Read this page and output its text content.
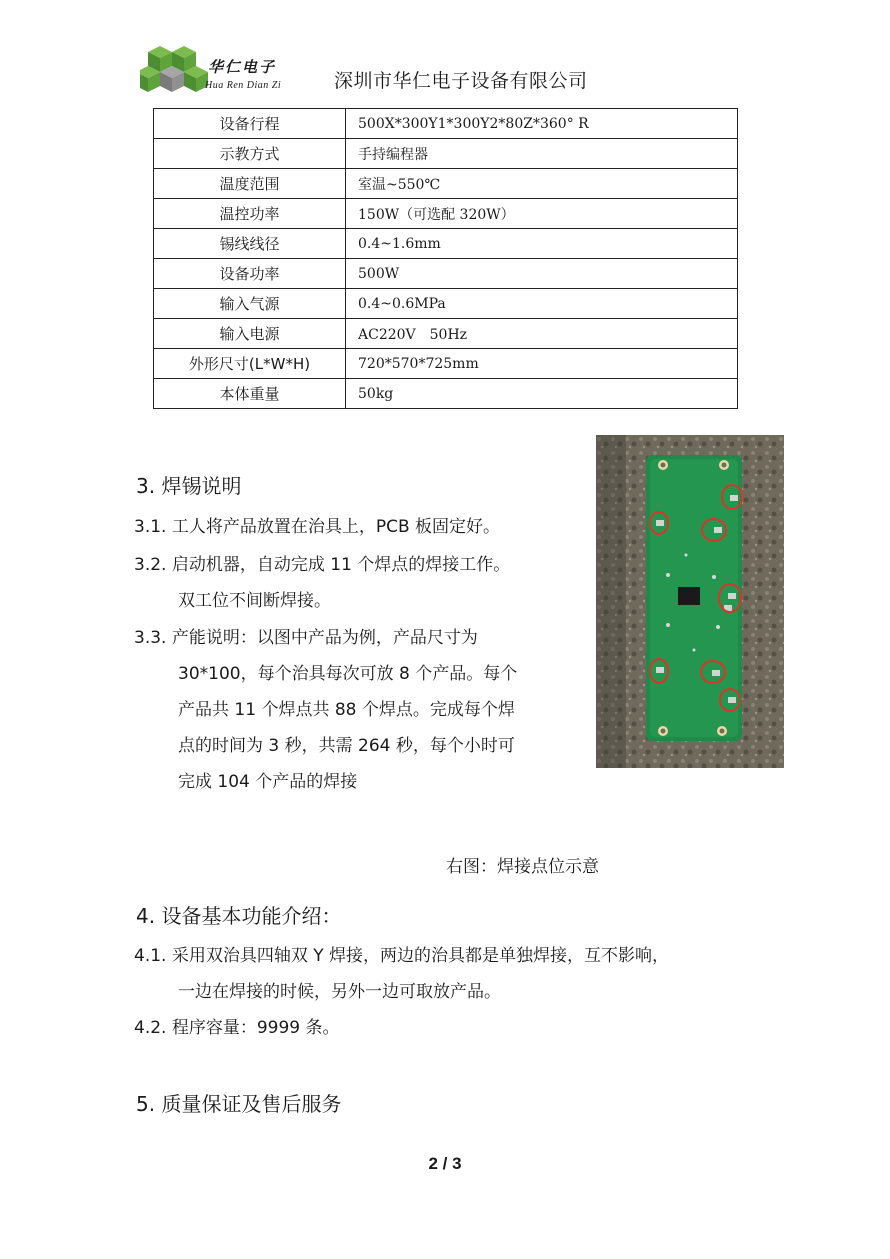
华仁电子
Hua Ren Dian Zi	深圳市华仁电子设备有限公司
设备行程	500X*300Y1*300Y2*80Z*360° R
示教方式	手持编程器
温度范围	室温~550℃
温控功率	150W（可选配 320W）
锡线线径	0.4~1.6mm
设备功率	500W
输入气源	0.4~0.6MPa
输入电源	AC220V　50Hz
外形尺寸(L*W*H)	720*570*725mm
本体重量	50kg
3. 焊锡说明
3.1. 工人将产品放置在治具上，PCB 板固定好。
3.2. 启动机器，自动完成 11 个焊点的焊接工作。
双工位不间断焊接。
3.3. 产能说明：以图中产品为例，产品尺寸为
30*100，每个治具每次可放 8 个产品。每个
产品共 11 个焊点共 88 个焊点。完成每个焊
点的时间为 3 秒，共需 264 秒，每个小时可
完成 104 个产品的焊接
右图：焊接点位示意
4. 设备基本功能介绍：
4.1. 采用双治具四轴双 Y 焊接，两边的治具都是单独焊接，互不影响，
一边在焊接的时候，另外一边可取放产品。
4.2. 程序容量：9999 条。
5. 质量保证及售后服务
2 / 3
